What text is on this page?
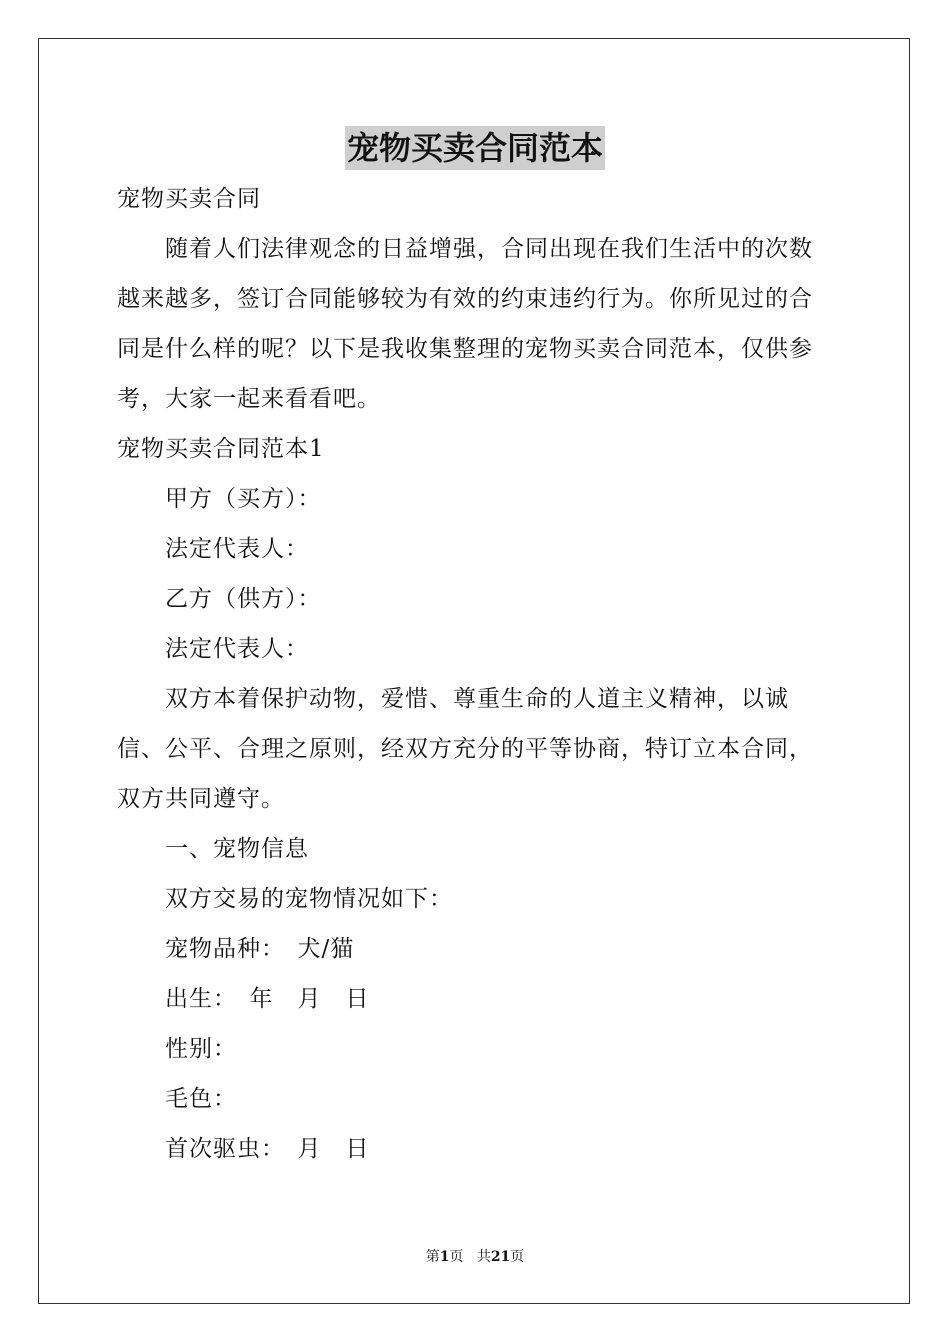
宠物买卖合同范本

宠物买卖合同

随着人们法律观念的日益增强，合同出现在我们生活中的次数越来越多，签订合同能够较为有效的约束违约行为。你所见过的合同是什么样的呢？以下是我收集整理的宠物买卖合同范本，仅供参考，大家一起来看看吧。

宠物买卖合同范本1

甲方（买方）：

法定代表人：

乙方（供方）：

法定代表人：

双方本着保护动物，爱惜、尊重生命的人道主义精神，以诚信、公平、合理之原则，经双方充分的平等协商，特订立本合同，双方共同遵守。

一、宠物信息

双方交易的宠物情况如下：

宠物品种：　犬/猫

出生：　年　月　日

性别：

毛色：

首次驱虫：　月　日

第1页 共21页
